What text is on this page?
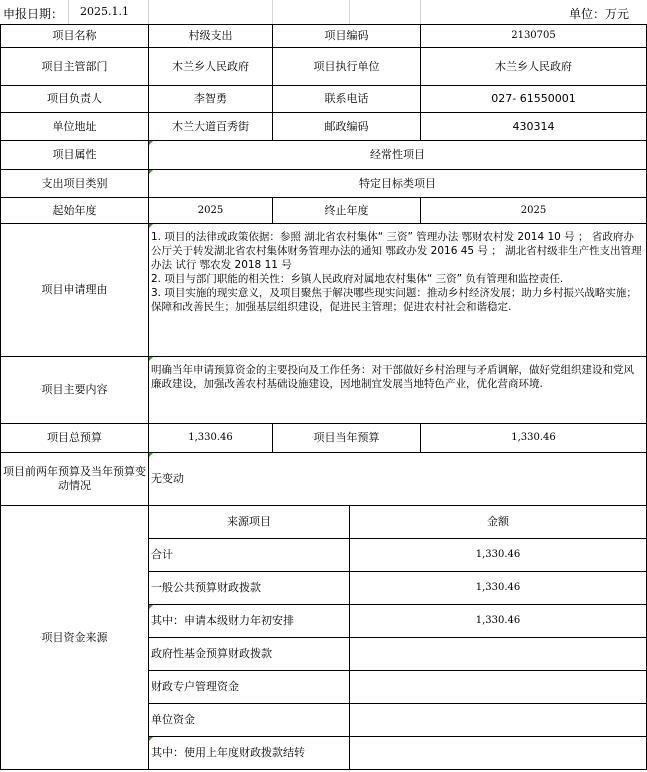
申报日期： 2025.1.1	单位：万元
项目名称	村级支出	项目编码		2130705
项目主管部门	木兰乡人民政府	项目执行单位		木兰乡人民政府
项目负责人	李智勇	联系电话		027- 61550001
单位地址	木兰大道百秀街	邮政编码		430314
项目属性	经常性项目			
支出项目类别	特定目标类项目			
起始年度	2025	终止年度		2025
项目申请理由	1. 项目的法律或政策依据：参照 湖北省农村集体“ 三资” 管理办法 鄂财农村发 2014 10 号 ； 省政府办公厅关于转发湖北省农村集体财务管理办法的通知 鄂政办发 2016 45 号 ； 湖北省村级非生产性支出管理办法 试行 鄂农发 2018 11 号
2. 项目与部门职能的相关性：乡镇人民政府对属地农村集体“ 三资” 负有管理和监控责任.
3. 项目实施的现实意义，及项目聚焦于解决哪些现实问题：推动乡村经济发展；助力乡村振兴战略实施；保障和改善民生；加强基层组织建设，促进民主管理；促进农村社会和谐稳定.			

项目主要内容	明确当年申请预算资金的主要投向及工作任务：对干部做好乡村治理与矛盾调解，做好党组织建设和党风廉政建设，加强改善农村基础设施建设，因地制宜发展当地特色产业，优化营商环境.			
项目总预算	1,330.46	项目当年预算		1,330.46
项目前两年预算及当年预算变动情况	无变动			
项目资金来源	来源项目		金额	
	合计		1,330.46	
	一般公共预算财政拨款		1,330.46	
	其中：申请本级财力年初安排		1,330.46	
	政府性基金预算财政拨款			
	财政专户管理资金			
	单位资金			
	其中：使用上年度财政拨款结转			
